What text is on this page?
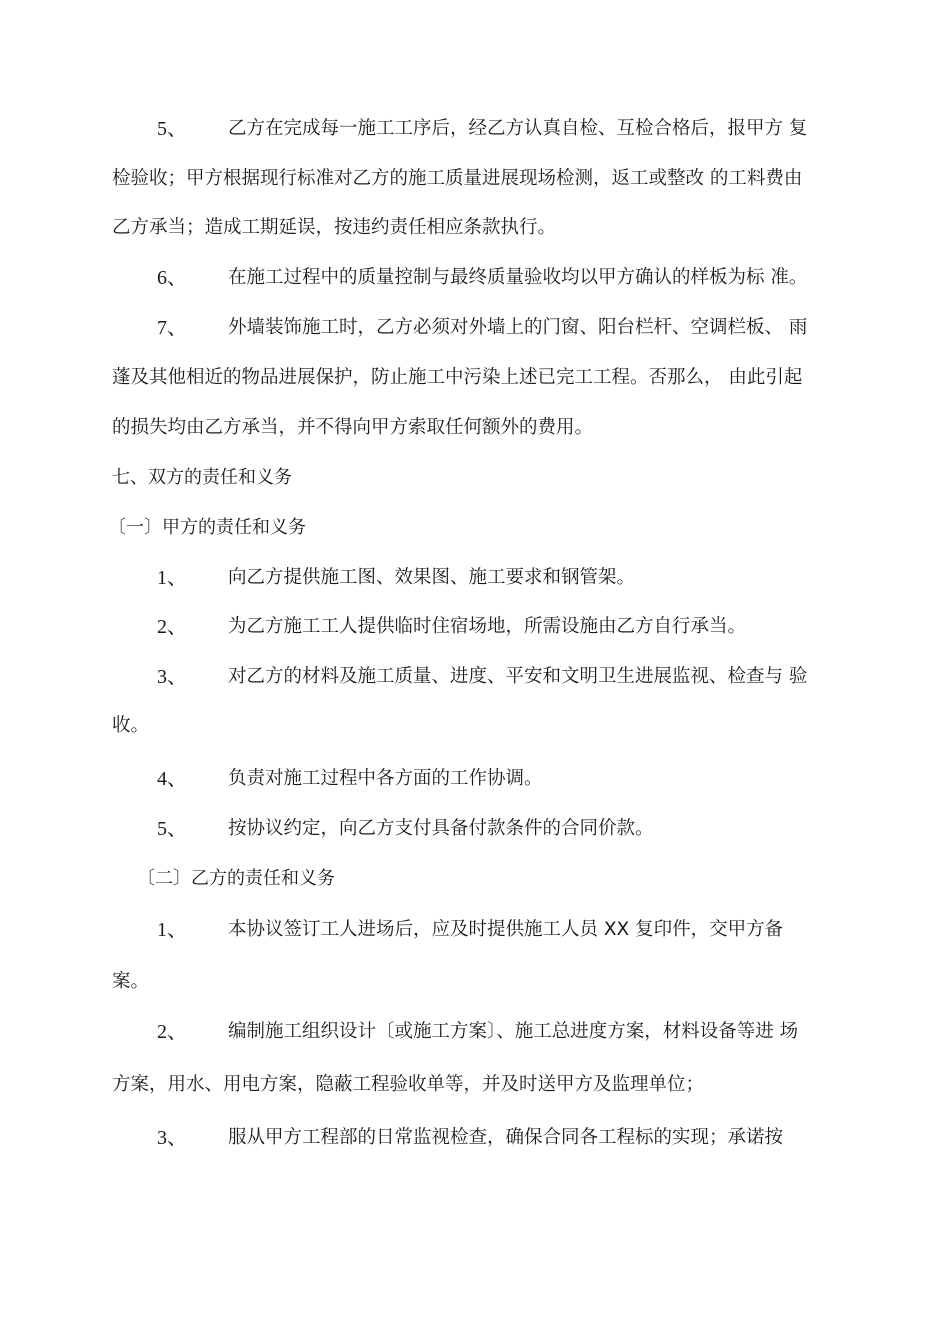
5、	乙方在完成每一施工工序后，经乙方认真自检、互检合格后，报甲方 复
检验收；甲方根据现行标准对乙方的施工质量进展现场检测，返工或整改 的工料费由
乙方承当；造成工期延误，按违约责任相应条款执行。
6、	在施工过程中的质量控制与最终质量验收均以甲方确认的样板为标 准。
7、	外墙装饰施工时，乙方必须对外墙上的门窗、阳台栏杆、空调栏板、 雨
蓬及其他相近的物品进展保护，防止施工中污染上述已完工工程。否那么， 由此引起
的损失均由乙方承当，并不得向甲方索取任何额外的费用。
七、双方的责任和义务
〔一〕甲方的责任和义务
1、	向乙方提供施工图、效果图、施工要求和钢管架。
2、	为乙方施工工人提供临时住宿场地，所需设施由乙方自行承当。
3、	对乙方的材料及施工质量、进度、平安和文明卫生进展监视、检查与 验
收。
4、	负责对施工过程中各方面的工作协调。
5、	按协议约定，向乙方支付具备付款条件的合同价款。
〔二〕乙方的责任和义务
1、	本协议签订工人进场后，应及时提供施工人员 XX 复印件，交甲方备
案。
2、	编制施工组织设计〔或施工方案〕、施工总进度方案，材料设备等进 场
方案，用水、用电方案，隐蔽工程验收单等，并及时送甲方及监理单位；
3、	服从甲方工程部的日常监视检查，确保合同各工程标的实现；承诺按
